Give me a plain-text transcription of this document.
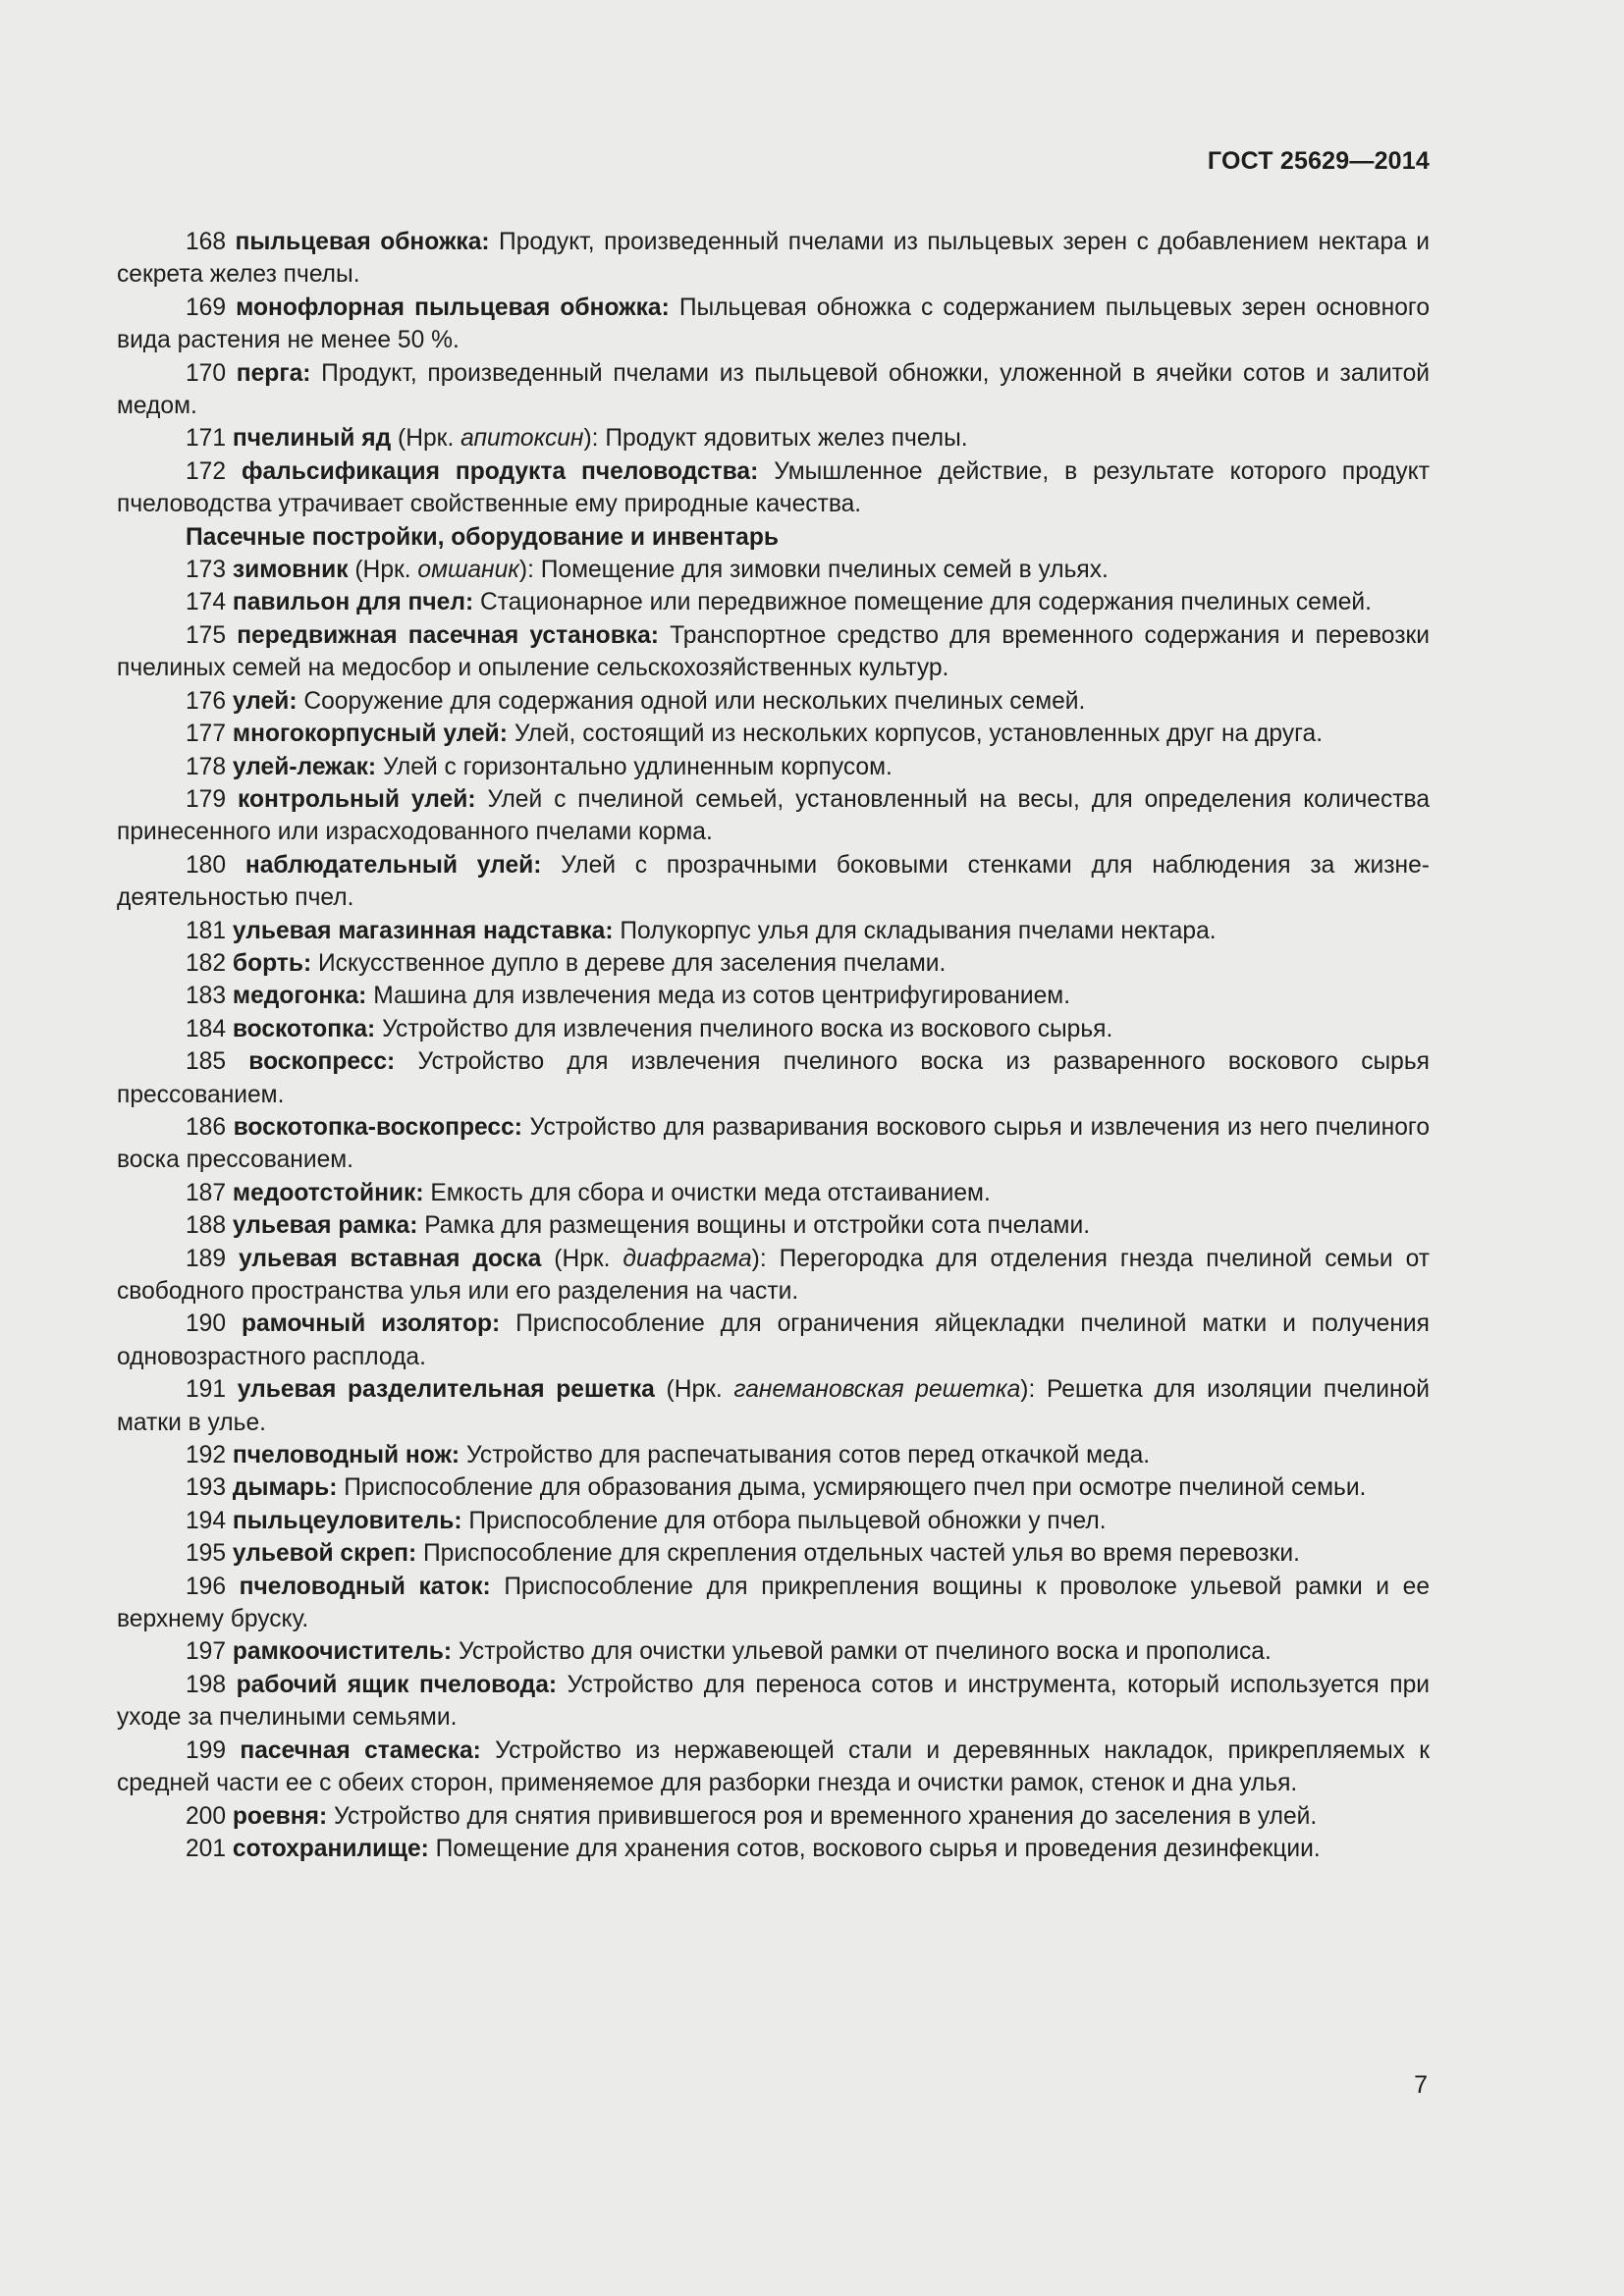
ГОСТ 25629—2014

168 пыльцевая обножка: Продукт, произведенный пчелами из пыльцевых зерен с добавлением нектара и секрета желез пчелы.

169 монофлорная пыльцевая обножка: Пыльцевая обножка с содержанием пыльцевых зерен основного вида растения не менее 50 %.

170 перга: Продукт, произведенный пчелами из пыльцевой обножки, уложенной в ячейки сотов и залитой медом.

171 пчелиный яд (Нрк. апитоксин): Продукт ядовитых желез пчелы.

172 фальсификация продукта пчеловодства: Умышленное действие, в результате которого продукт пчеловодства утрачивает свойственные ему природные качества.

Пасечные постройки, оборудование и инвентарь

173 зимовник (Нрк. омшаник): Помещение для зимовки пчелиных семей в ульях.

174 павильон для пчел: Стационарное или передвижное помещение для содержания пчелиных семей.

175 передвижная пасечная установка: Транспортное средство для временного содержания и перевозки пчелиных семей на медосбор и опыление сельскохозяйственных культур.

176 улей: Сооружение для содержания одной или нескольких пчелиных семей.

177 многокорпусный улей: Улей, состоящий из нескольких корпусов, установленных друг на друга.

178 улей-лежак: Улей с горизонтально удлиненным корпусом.

179 контрольный улей: Улей с пчелиной семьей, установленный на весы, для определения количества принесенного или израсходованного пчелами корма.

180 наблюдательный улей: Улей с прозрачными боковыми стенками для наблюдения за жизнедеятельностью пчел.

181 ульевая магазинная надставка: Полукорпус улья для складывания пчелами нектара.

182 борть: Искусственное дупло в дереве для заселения пчелами.

183 медогонка: Машина для извлечения меда из сотов центрифугированием.

184 воскотопка: Устройство для извлечения пчелиного воска из воскового сырья.

185 воскопресс: Устройство для извлечения пчелиного воска из разваренного воскового сырья прессованием.

186 воскотопка-воскопресс: Устройство для разваривания воскового сырья и извлечения из него пчелиного воска прессованием.

187 медоотстойник: Емкость для сбора и очистки меда отстаиванием.

188 ульевая рамка: Рамка для размещения вощины и отстройки сота пчелами.

189 ульевая вставная доска (Нрк. диафрагма): Перегородка для отделения гнезда пчелиной семьи от свободного пространства улья или его разделения на части.

190 рамочный изолятор: Приспособление для ограничения яйцекладки пчелиной матки и получения одновозрастного расплода.

191 ульевая разделительная решетка (Нрк. ганемановская решетка): Решетка для изоляции пчелиной матки в улье.

192 пчеловодный нож: Устройство для распечатывания сотов перед откачкой меда.

193 дымарь: Приспособление для образования дыма, усмиряющего пчел при осмотре пчелиной семьи.

194 пыльцеуловитель: Приспособление для отбора пыльцевой обножки у пчел.

195 ульевой скреп: Приспособление для скрепления отдельных частей улья во время перевозки.

196 пчеловодный каток: Приспособление для прикрепления вощины к проволоке ульевой рамки и ее верхнему бруску.

197 рамкоочиститель: Устройство для очистки ульевой рамки от пчелиного воска и прополиса.

198 рабочий ящик пчеловода: Устройство для переноса сотов и инструмента, который используется при уходе за пчелиными семьями.

199 пасечная стамеска: Устройство из нержавеющей стали и деревянных накладок, прикрепляемых к средней части ее с обеих сторон, применяемое для разборки гнезда и очистки рамок, стенок и дна улья.

200 роевня: Устройство для снятия привившегося роя и временного хранения до заселения в улей.

201 сотохранилище: Помещение для хранения сотов, воскового сырья и проведения дезинфекции.

7
